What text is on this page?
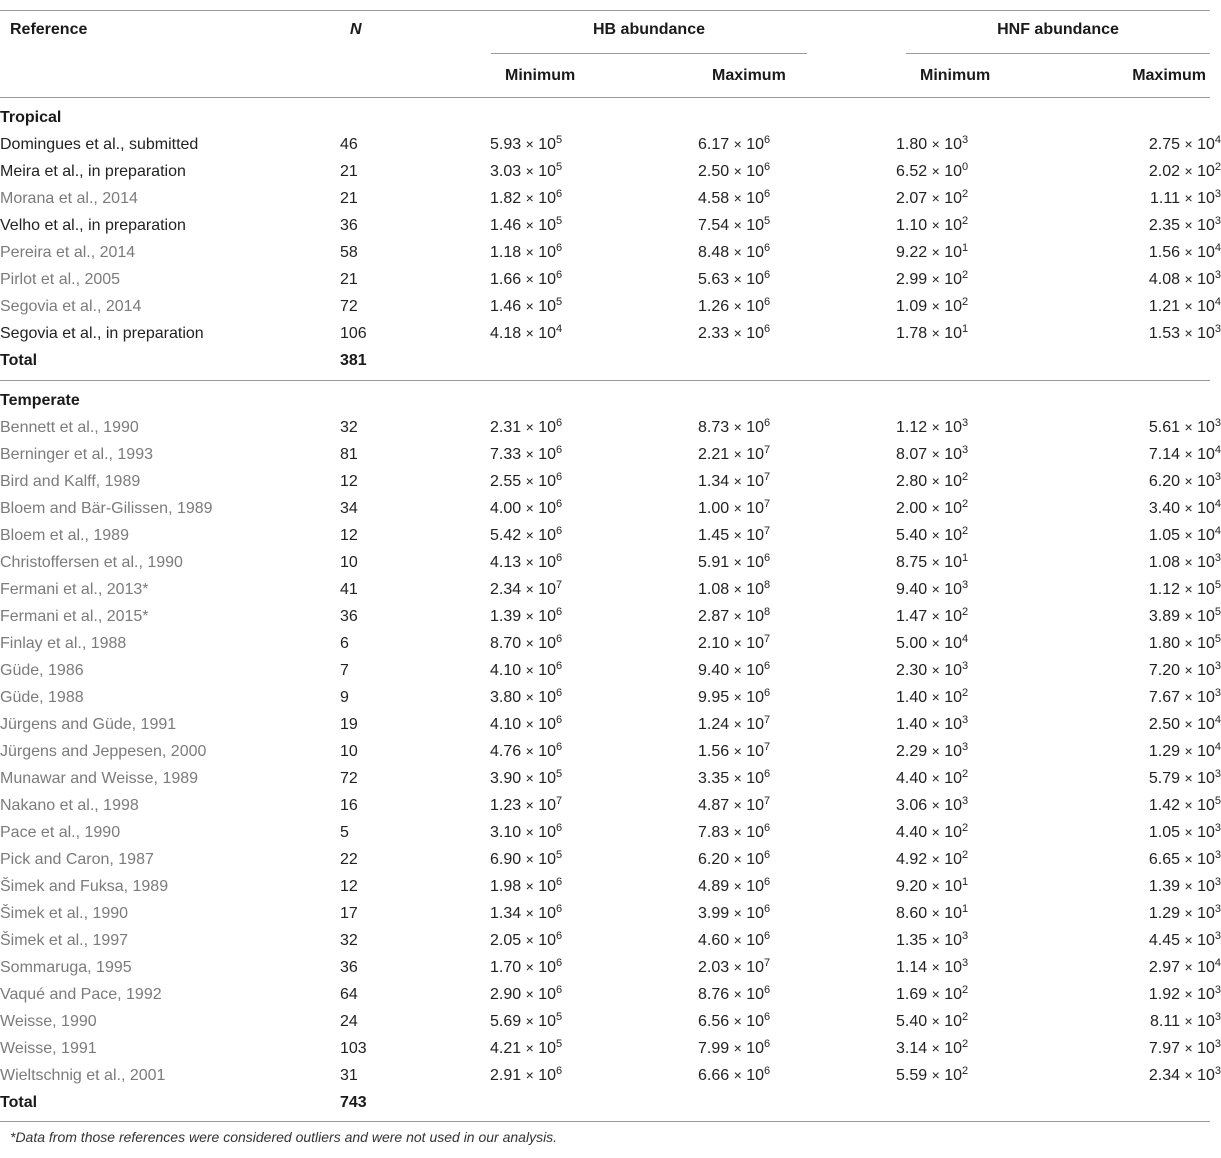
Reference	N	HB abundance	HNF abundance
Minimum	Maximum	Minimum	Maximum
Tropical					
Domingues et al., submitted	46	$5.93 \times 10^5$	$6.17 \times 10^6$	$1.80 \times 10^3$	$2.75 \times 10^4$
Meira et al., in preparation	21	$3.03 \times 10^5$	$2.50 \times 10^6$	$6.52 \times 10^0$	$2.02 \times 10^2$
Morana et al., 2014	21	$1.82 \times 10^6$	$4.58 \times 10^6$	$2.07 \times 10^2$	$1.11 \times 10^3$
Velho et al., in preparation	36	$1.46 \times 10^5$	$7.54 \times 10^5$	$1.10 \times 10^2$	$2.35 \times 10^3$
Pereira et al., 2014	58	$1.18 \times 10^6$	$8.48 \times 10^6$	$9.22 \times 10^1$	$1.56 \times 10^4$
Pirlot et al., 2005	21	$1.66 \times 10^6$	$5.63 \times 10^6$	$2.99 \times 10^2$	$4.08 \times 10^3$
Segovia et al., 2014	72	$1.46 \times 10^5$	$1.26 \times 10^6$	$1.09 \times 10^2$	$1.21 \times 10^4$
Segovia et al., in preparation	106	$4.18 \times 10^4$	$2.33 \times 10^6$	$1.78 \times 10^1$	$1.53 \times 10^3$
Total	381				
Temperate					
Bennett et al., 1990	32	$2.31 \times 10^6$	$8.73 \times 10^6$	$1.12 \times 10^3$	$5.61 \times 10^3$
Berninger et al., 1993	81	$7.33 \times 10^6$	$2.21 \times 10^7$	$8.07 \times 10^3$	$7.14 \times 10^4$
Bird and Kalff, 1989	12	$2.55 \times 10^6$	$1.34 \times 10^7$	$2.80 \times 10^2$	$6.20 \times 10^3$
Bloem and Bär-Gilissen, 1989	34	$4.00 \times 10^6$	$1.00 \times 10^7$	$2.00 \times 10^2$	$3.40 \times 10^4$
Bloem et al., 1989	12	$5.42 \times 10^6$	$1.45 \times 10^7$	$5.40 \times 10^2$	$1.05 \times 10^4$
Christoffersen et al., 1990	10	$4.13 \times 10^6$	$5.91 \times 10^6$	$8.75 \times 10^1$	$1.08 \times 10^3$
Fermani et al., 2013*	41	$2.34 \times 10^7$	$1.08 \times 10^8$	$9.40 \times 10^3$	$1.12 \times 10^5$
Fermani et al., 2015*	36	$1.39 \times 10^6$	$2.87 \times 10^8$	$1.47 \times 10^2$	$3.89 \times 10^5$
Finlay et al., 1988	6	$8.70 \times 10^6$	$2.10 \times 10^7$	$5.00 \times 10^4$	$1.80 \times 10^5$
Güde, 1986	7	$4.10 \times 10^6$	$9.40 \times 10^6$	$2.30 \times 10^3$	$7.20 \times 10^3$
Güde, 1988	9	$3.80 \times 10^6$	$9.95 \times 10^6$	$1.40 \times 10^2$	$7.67 \times 10^3$
Jürgens and Güde, 1991	19	$4.10 \times 10^6$	$1.24 \times 10^7$	$1.40 \times 10^3$	$2.50 \times 10^4$
Jürgens and Jeppesen, 2000	10	$4.76 \times 10^6$	$1.56 \times 10^7$	$2.29 \times 10^3$	$1.29 \times 10^4$
Munawar and Weisse, 1989	72	$3.90 \times 10^5$	$3.35 \times 10^6$	$4.40 \times 10^2$	$5.79 \times 10^3$
Nakano et al., 1998	16	$1.23 \times 10^7$	$4.87 \times 10^7$	$3.06 \times 10^3$	$1.42 \times 10^5$
Pace et al., 1990	5	$3.10 \times 10^6$	$7.83 \times 10^6$	$4.40 \times 10^2$	$1.05 \times 10^3$
Pick and Caron, 1987	22	$6.90 \times 10^5$	$6.20 \times 10^6$	$4.92 \times 10^2$	$6.65 \times 10^3$
Šimek and Fuksa, 1989	12	$1.98 \times 10^6$	$4.89 \times 10^6$	$9.20 \times 10^1$	$1.39 \times 10^3$
Šimek et al., 1990	17	$1.34 \times 10^6$	$3.99 \times 10^6$	$8.60 \times 10^1$	$1.29 \times 10^3$
Šimek et al., 1997	32	$2.05 \times 10^6$	$4.60 \times 10^6$	$1.35 \times 10^3$	$4.45 \times 10^3$
Sommaruga, 1995	36	$1.70 \times 10^6$	$2.03 \times 10^7$	$1.14 \times 10^3$	$2.97 \times 10^4$
Vaqué and Pace, 1992	64	$2.90 \times 10^6$	$8.76 \times 10^6$	$1.69 \times 10^2$	$1.92 \times 10^3$
Weisse, 1990	24	$5.69 \times 10^5$	$6.56 \times 10^6$	$5.40 \times 10^2$	$8.11 \times 10^3$
Weisse, 1991	103	$4.21 \times 10^5$	$7.99 \times 10^6$	$3.14 \times 10^2$	$7.97 \times 10^3$
Wieltschnig et al., 2001	31	$2.91 \times 10^6$	$6.66 \times 10^6$	$5.59 \times 10^2$	$2.34 \times 10^3$
Total	743				
*Data from those references were considered outliers and were not used in our analysis.
